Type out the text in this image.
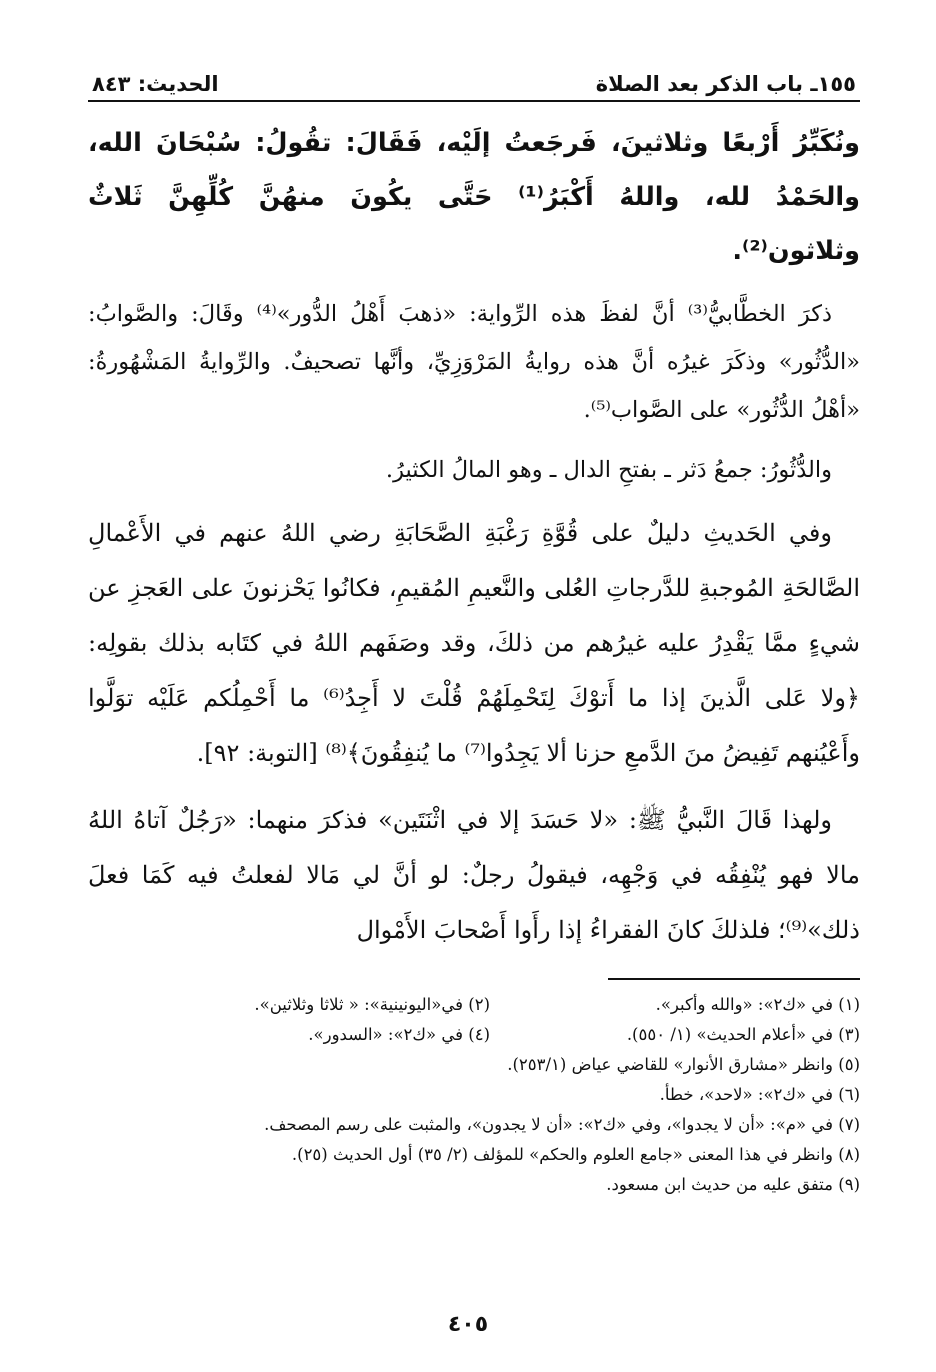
١٥٥ـ باب الذكر بعد الصلاة
الحديث: ٨٤٣

ونُكَبِّرُ أَرْبعًا وثلاثينَ، فَرجَعتُ إلَيْه، فَقَالَ: تقُولُ: سُبْحَانَ الله، والحَمْدُ لله، واللهُ أَكْبَرُ⁽¹⁾ حَتَّى يكُونَ منهُنَّ كُلِّهِنَّ ثَلاثٌ وثلاثون⁽²⁾.

ذكرَ الخطَّابيُّ⁽³⁾ أنَّ لفظَ هذه الرِّواية: «ذهبَ أَهْلُ الدُّور»⁽⁴⁾ وقَالَ: والصَّوابُ: «الدُّثُور» وذكَرَ غيرُه أنَّ هذه روايةُ المَرْوَزِيِّ، وأنَّها تصحيفٌ. والرِّوايةُ المَشْهُورةُ: «أهْلُ الدُّثُور» على الصَّواب⁽⁵⁾.

والدُّثُورُ: جمعُ دَثر ـ بفتحِ الدال ـ وهو المالُ الكثيرُ.

وفي الحَديثِ دليلٌ على قُوَّةِ رَغْبَةِ الصَّحَابَةِ رضي اللهُ عنهم في الأَعْمالِ الصَّالحَةِ المُوجبةِ للدَّرجاتِ العُلى والنَّعيمِ المُقيمِ، فكانُوا يَحْزنونَ على العَجزِ عن شيءٍ ممَّا يَقْدِرُ عليه غيرُهم من ذلكَ، وقد وصَفَهم اللهُ في كتَابه بذلك بقولِه: ﴿ولا عَلى الَّذينَ إذا ما أَتوْكَ لِتَحْمِلَهُمْ قُلْتَ لا أَجِدُ⁽⁶⁾ ما أَحْمِلُكم عَلَيْه توَلَّوا وأَعْيُنهم تَفِيضُ منَ الدَّمعِ حزنا ألا يَجِدُوا⁽⁷⁾ ما يُنفِقُونَ﴾⁽⁸⁾ [التوبة: ٩٢].

ولهذا قَالَ النَّبيُّ ﷺ: «لا حَسَدَ إلا في اثْنَتَين» فذكرَ منهما: «رَجُلٌ آتاهُ اللهُ مالا فهو يُنْفِقُه في وَجْهِه، فيقولُ رجلٌ: لو أنَّ لي مَالا لفعلتُ فيه كَمَا فعلَ ذلك»⁽⁹⁾؛ فلذلكَ كانَ الفقراءُ إذا رأَوا أَصْحابَ الأَمْوال

(١) في «ك٢»: «والله وأكبر».
(٢) في«اليونينية»: « ثلاثا وثلاثين».
(٣) في «أعلام الحديث» (١/ ٥٥٠).
(٤) في «ك٢»: «السدور».

(٥) وانظر «مشارق الأنوار» للقاضي عياض (٢٥٣/١).

(٦) في «ك٢»: «لاحد»، خطأ.

(٧) في «م»: «أن لا يجدوا»، وفي «ك٢»: «أن لا يجدون»، والمثبت على رسم المصحف.

(٨) وانظر في هذا المعنى «جامع العلوم والحكم» للمؤلف (٢/ ٣٥) أول الحديث (٢٥).

(٩) متفق عليه من حديث ابن مسعود.

٤٠٥
